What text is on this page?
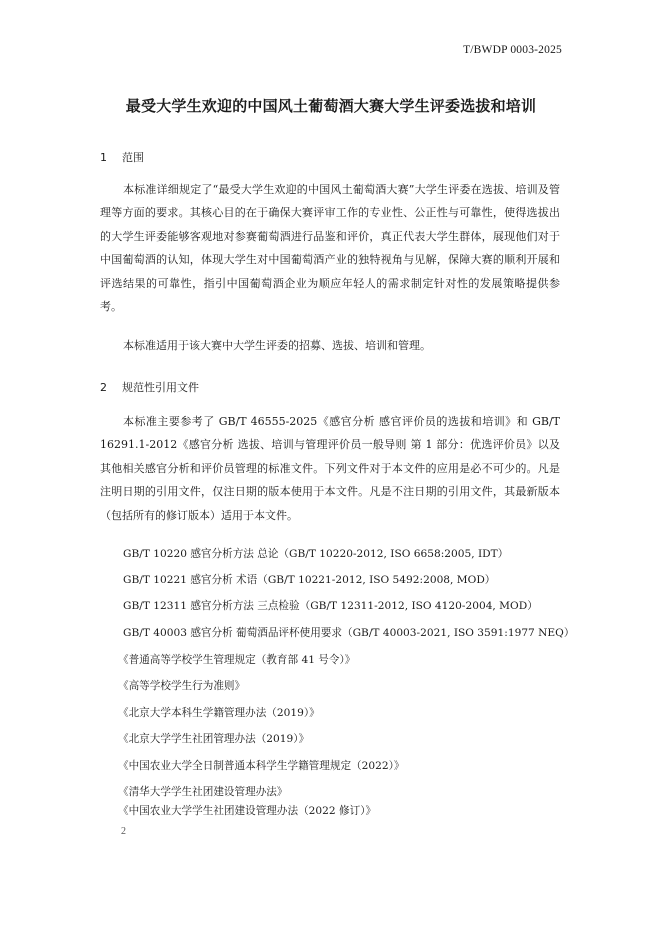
T/BWDP 0003-2025
最受大学生欢迎的中国风土葡萄酒大赛大学生评委选拔和培训
1 范围

本标准详细规定了“最受大学生欢迎的中国风土葡萄酒大赛”大学生评委在选拔、培训及管理等方面的要求。其核心目的在于确保大赛评审工作的专业性、公正性与可靠性，使得选拔出的大学生评委能够客观地对参赛葡萄酒进行品鉴和评价，真正代表大学生群体，展现他们对于中国葡萄酒的认知，体现大学生对中国葡萄酒产业的独特视角与见解，保障大赛的顺利开展和评选结果的可靠性，指引中国葡萄酒企业为顺应年轻人的需求制定针对性的发展策略提供参考。

本标准适用于该大赛中大学生评委的招募、选拔、培训和管理。

2 规范性引用文件

本标准主要参考了 GB/T 46555-2025《感官分析 感官评价员的选拔和培训》和 GB/T 16291.1-2012《感官分析 选拔、培训与管理评价员一般导则 第 1 部分：优选评价员》以及其他相关感官分析和评价员管理的标准文件。下列文件对于本文件的应用是必不可少的。凡是注明日期的引用文件，仅注日期的版本使用于本文件。凡是不注日期的引用文件，其最新版本（包括所有的修订版本）适用于本文件。

GB/T 10220 感官分析方法 总论（GB/T 10220-2012, ISO 6658:2005, IDT）

GB/T 10221 感官分析 术语（GB/T 10221-2012, ISO 5492:2008, MOD）

GB/T 12311 感官分析方法 三点检验（GB/T 12311-2012, ISO 4120-2004, MOD）

GB/T 40003 感官分析 葡萄酒品评杯使用要求（GB/T 40003-2021, ISO 3591:1977 NEQ）

《普通高等学校学生管理规定（教育部 41 号令）》

《高等学校学生行为准则》

《北京大学本科生学籍管理办法（2019）》

《北京大学学生社团管理办法（2019）》

《中国农业大学全日制普通本科学生学籍管理规定（2022）》

《清华大学学生社团建设管理办法》

《中国农业大学学生社团建设管理办法（2022 修订）》

2
